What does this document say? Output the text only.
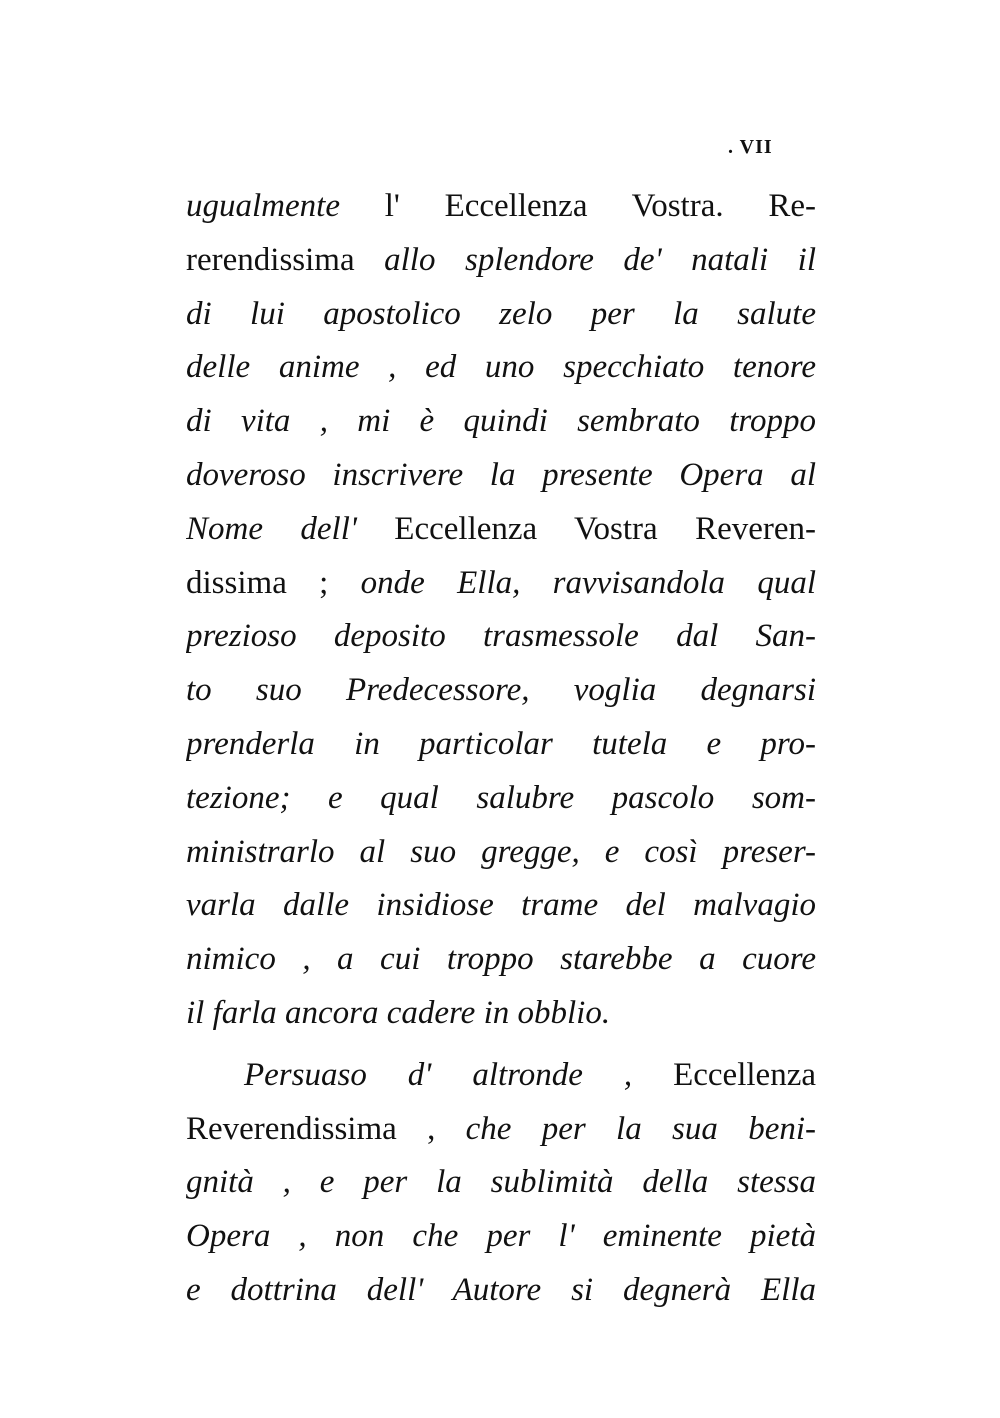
. VII
ugualmente l' Eccellenza Vostra. Re-
rerendissima allo splendore de' natali il
di lui apostolico zelo per la salute
delle anime , ed uno specchiato tenore
di vita , mi è quindi sembrato troppo
doveroso inscrivere la presente Opera al
Nome dell' Eccellenza Vostra Reveren-
dissima ; onde Ella, ravvisandola qual
prezioso deposito trasmessole dal San-
to suo Predecessore, voglia degnarsi
prenderla in particolar tutela e pro-
tezione; e qual salubre pascolo som-
ministrarlo al suo gregge, e così preser-
varla dalle insidiose trame del malvagio
nimico , a cui troppo starebbe a cuore
il farla ancora cadere in obblio.
Persuaso d' altronde , Eccellenza
Reverendissima , che per la sua beni-
gnità , e per la sublimità della stessa
Opera , non che per l' eminente pietà
e dottrina dell' Autore si degnerà Ella
